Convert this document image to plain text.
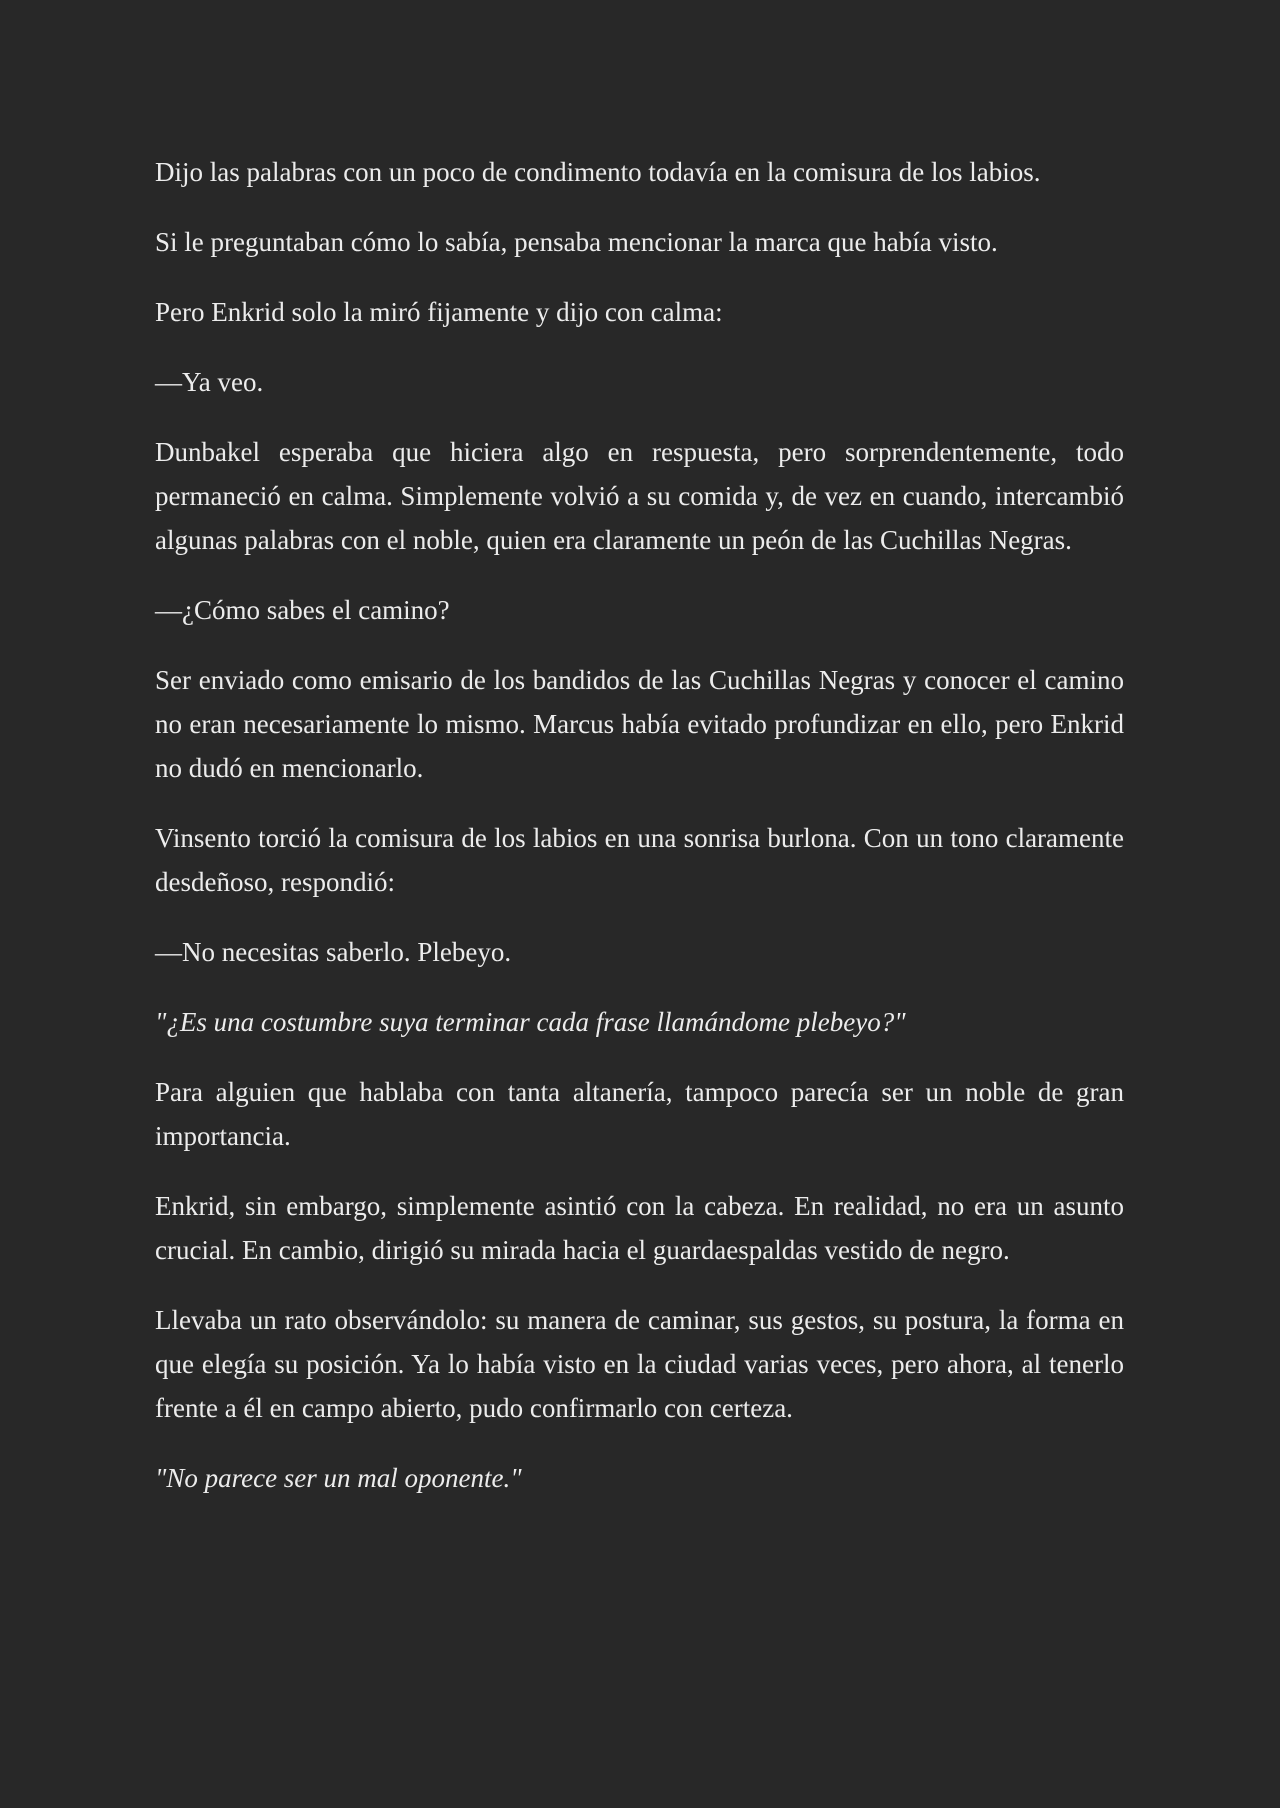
Dijo las palabras con un poco de condimento todavía en la comisura de los labios.

Si le preguntaban cómo lo sabía, pensaba mencionar la marca que había visto.

Pero Enkrid solo la miró fijamente y dijo con calma:

—Ya veo.

Dunbakel esperaba que hiciera algo en respuesta, pero sorprendentemente, todo permaneció en calma. Simplemente volvió a su comida y, de vez en cuando, intercambió algunas palabras con el noble, quien era claramente un peón de las Cuchillas Negras.

—¿Cómo sabes el camino?

Ser enviado como emisario de los bandidos de las Cuchillas Negras y conocer el camino no eran necesariamente lo mismo. Marcus había evitado profundizar en ello, pero Enkrid no dudó en mencionarlo.

Vinsento torció la comisura de los labios en una sonrisa burlona. Con un tono claramente desdeñoso, respondió:

—No necesitas saberlo. Plebeyo.

"¿Es una costumbre suya terminar cada frase llamándome plebeyo?"

Para alguien que hablaba con tanta altanería, tampoco parecía ser un noble de gran importancia.

Enkrid, sin embargo, simplemente asintió con la cabeza. En realidad, no era un asunto crucial. En cambio, dirigió su mirada hacia el guardaespaldas vestido de negro.

Llevaba un rato observándolo: su manera de caminar, sus gestos, su postura, la forma en que elegía su posición. Ya lo había visto en la ciudad varias veces, pero ahora, al tenerlo frente a él en campo abierto, pudo confirmarlo con certeza.

"No parece ser un mal oponente."
